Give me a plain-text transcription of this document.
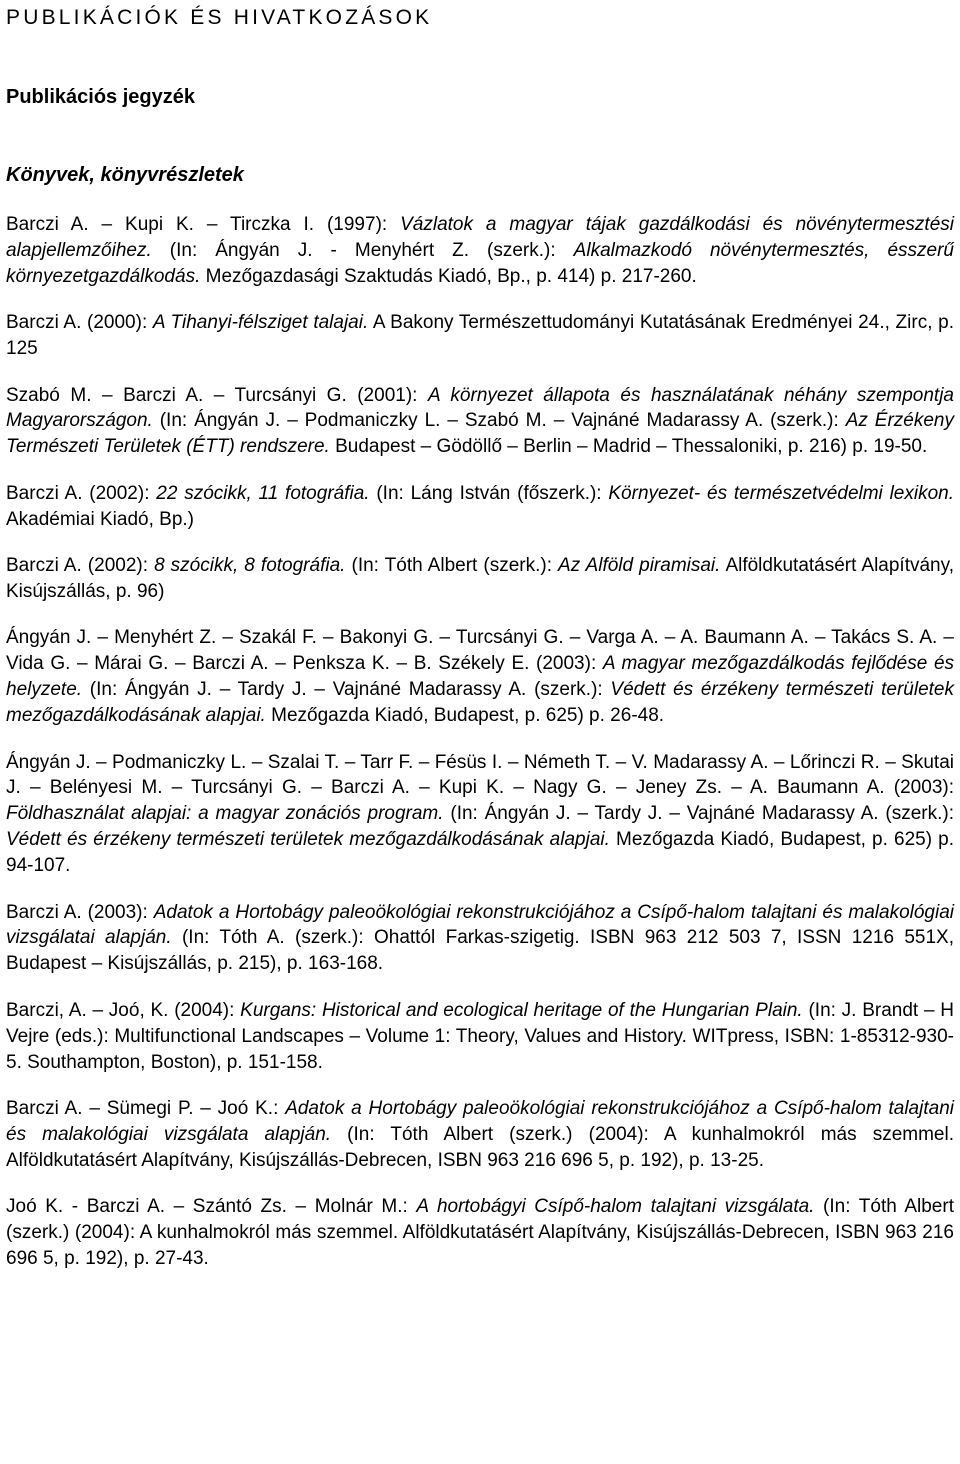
PUBLIKÁCIÓK ÉS HIVATKOZÁSOK
Publikációs jegyzék
Könyvek, könyvrészletek

Barczi A. – Kupi K. – Tirczka I. (1997): Vázlatok a magyar tájak gazdálkodási és növénytermesztési alapjellemzőihez. (In: Ángyán J. - Menyhért Z. (szerk.): Alkalmazkodó növénytermesztés, ésszerű környezetgazdálkodás. Mezőgazdasági Szaktudás Kiadó, Bp., p. 414) p. 217-260.

Barczi A. (2000): A Tihanyi-félsziget talajai. A Bakony Természettudományi Kutatásának Eredményei 24., Zirc, p. 125

Szabó M. – Barczi A. – Turcsányi G. (2001): A környezet állapota és használatának néhány szempontja Magyarországon. (In: Ángyán J. – Podmaniczky L. – Szabó M. – Vajnáné Madarassy A. (szerk.): Az Érzékeny Természeti Területek (ÉTT) rendszere. Budapest – Gödöllő – Berlin – Madrid – Thessaloniki, p. 216) p. 19-50.

Barczi A. (2002): 22 szócikk, 11 fotográfia. (In: Láng István (főszerk.): Környezet- és természetvédelmi lexikon. Akadémiai Kiadó, Bp.)

Barczi A. (2002): 8 szócikk, 8 fotográfia. (In: Tóth Albert (szerk.): Az Alföld piramisai. Alföldkutatásért Alapítvány, Kisújszállás, p. 96)

Ángyán J. – Menyhért Z. – Szakál F. – Bakonyi G. – Turcsányi G. – Varga A. – A. Baumann A. – Takács S. A. – Vida G. – Márai G. – Barczi A. – Penksza K. – B. Székely E. (2003): A magyar mezőgazdálkodás fejlődése és helyzete. (In: Ángyán J. – Tardy J. – Vajnáné Madarassy A. (szerk.): Védett és érzékeny természeti területek mezőgazdálkodásának alapjai. Mezőgazda Kiadó, Budapest, p. 625) p. 26-48.

Ángyán J. – Podmaniczky L. – Szalai T. – Tarr F. – Fésüs I. – Németh T. – V. Madarassy A. – Lőrinczi R. – Skutai J. – Belényesi M. – Turcsányi G. – Barczi A. – Kupi K. – Nagy G. – Jeney Zs. – A. Baumann A. (2003): Földhasználat alapjai: a magyar zonációs program. (In: Ángyán J. – Tardy J. – Vajnáné Madarassy A. (szerk.): Védett és érzékeny természeti területek mezőgazdálkodásának alapjai. Mezőgazda Kiadó, Budapest, p. 625) p. 94-107.

Barczi A. (2003): Adatok a Hortobágy paleoökológiai rekonstrukciójához a Csípő-halom talajtani és malakológiai vizsgálatai alapján. (In: Tóth A. (szerk.): Ohattól Farkas-szigetig. ISBN 963 212 503 7, ISSN 1216 551X, Budapest – Kisújszállás, p. 215), p. 163-168.

Barczi, A. – Joó, K. (2004): Kurgans: Historical and ecological heritage of the Hungarian Plain. (In: J. Brandt – H Vejre (eds.): Multifunctional Landscapes – Volume 1: Theory, Values and History. WITpress, ISBN: 1-85312-930-5. Southampton, Boston), p. 151-158.

Barczi A. – Sümegi P. – Joó K.: Adatok a Hortobágy paleoökológiai rekonstrukciójához a Csípő-halom talajtani és malakológiai vizsgálata alapján. (In: Tóth Albert (szerk.) (2004): A kunhalmokról más szemmel. Alföldkutatásért Alapítvány, Kisújszállás-Debrecen, ISBN 963 216 696 5, p. 192), p. 13-25.

Joó K. - Barczi A. – Szántó Zs. – Molnár M.: A hortobágyi Csípő-halom talajtani vizsgálata. (In: Tóth Albert (szerk.) (2004): A kunhalmokról más szemmel. Alföldkutatásért Alapítvány, Kisújszállás-Debrecen, ISBN 963 216 696 5, p. 192), p. 27-43.
